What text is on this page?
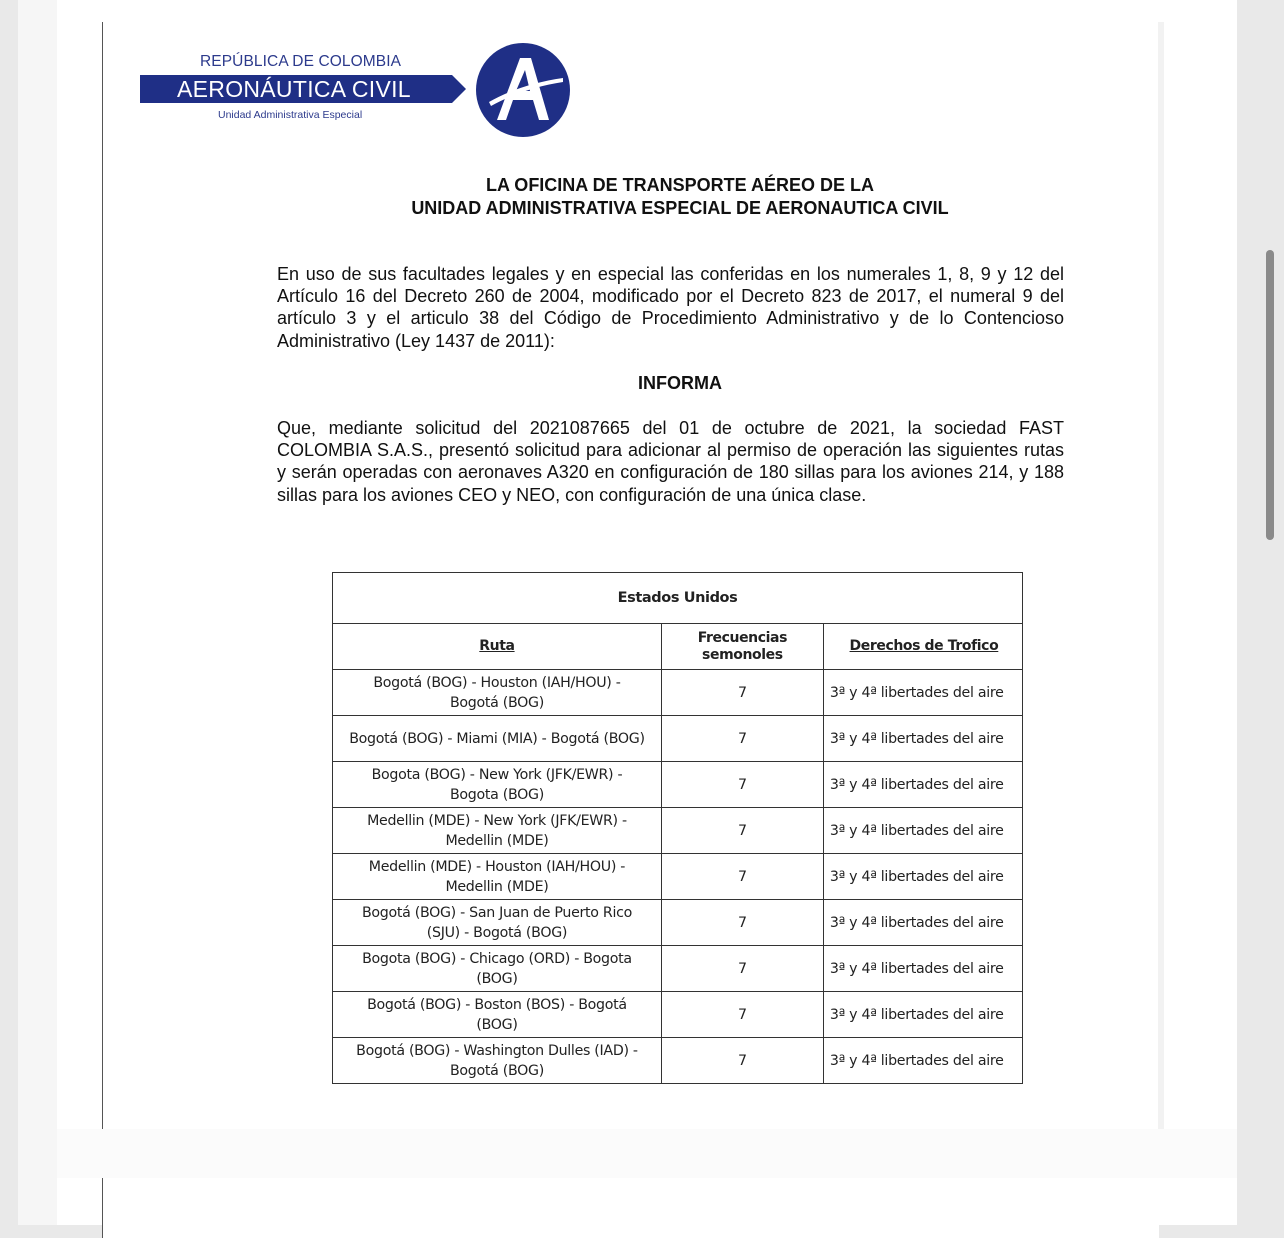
REPÚBLICA DE COLOMBIA
AERONÁUTICA CIVIL
Unidad Administrativa Especial
LA OFICINA DE TRANSPORTE AÉREO DE LA
UNIDAD ADMINISTRATIVA ESPECIAL DE AERONAUTICA CIVIL
En uso de sus facultades legales y en especial las conferidas en los numerales 1, 8, 9 y 12 del Artículo 16 del Decreto 260 de 2004, modificado por el Decreto 823 de 2017, el numeral 9 del artículo 3 y el articulo 38 del Código de Procedimiento Administrativo y de lo Contencioso Administrativo (Ley 1437 de 2011):
INFORMA
Que, mediante solicitud del 2021087665 del 01 de octubre de 2021, la sociedad FAST COLOMBIA S.A.S., presentó solicitud para adicionar al permiso de operación las siguientes rutas y serán operadas con aeronaves A320 en configuración de 180 sillas para los aviones 214, y 188 sillas para los aviones CEO y NEO, con configuración de una única clase.
Estados Unidos		
Ruta	Frecuencias semonoles	Derechos de Trofico
Bogotá (BOG) - Houston (IAH/HOU) - Bogotá (BOG)	7	3ª y 4ª libertades del aire
Bogotá (BOG) - Miami (MIA) - Bogotá (BOG)	7	3ª y 4ª libertades del aire
Bogota (BOG) - New York (JFK/EWR) - Bogota (BOG)	7	3ª y 4ª libertades del aire
Medellin (MDE) - New York (JFK/EWR) - Medellin (MDE)	7	3ª y 4ª libertades del aire
Medellin (MDE) - Houston (IAH/HOU) - Medellin (MDE)	7	3ª y 4ª libertades del aire
Bogotá (BOG) - San Juan de Puerto Rico (SJU) - Bogotá (BOG)	7	3ª y 4ª libertades del aire
Bogota (BOG) - Chicago (ORD) - Bogota (BOG)	7	3ª y 4ª libertades del aire
Bogotá (BOG) - Boston (BOS) - Bogotá (BOG)	7	3ª y 4ª libertades del aire
Bogotá (BOG) - Washington Dulles (IAD) - Bogotá (BOG)	7	3ª y 4ª libertades del aire
